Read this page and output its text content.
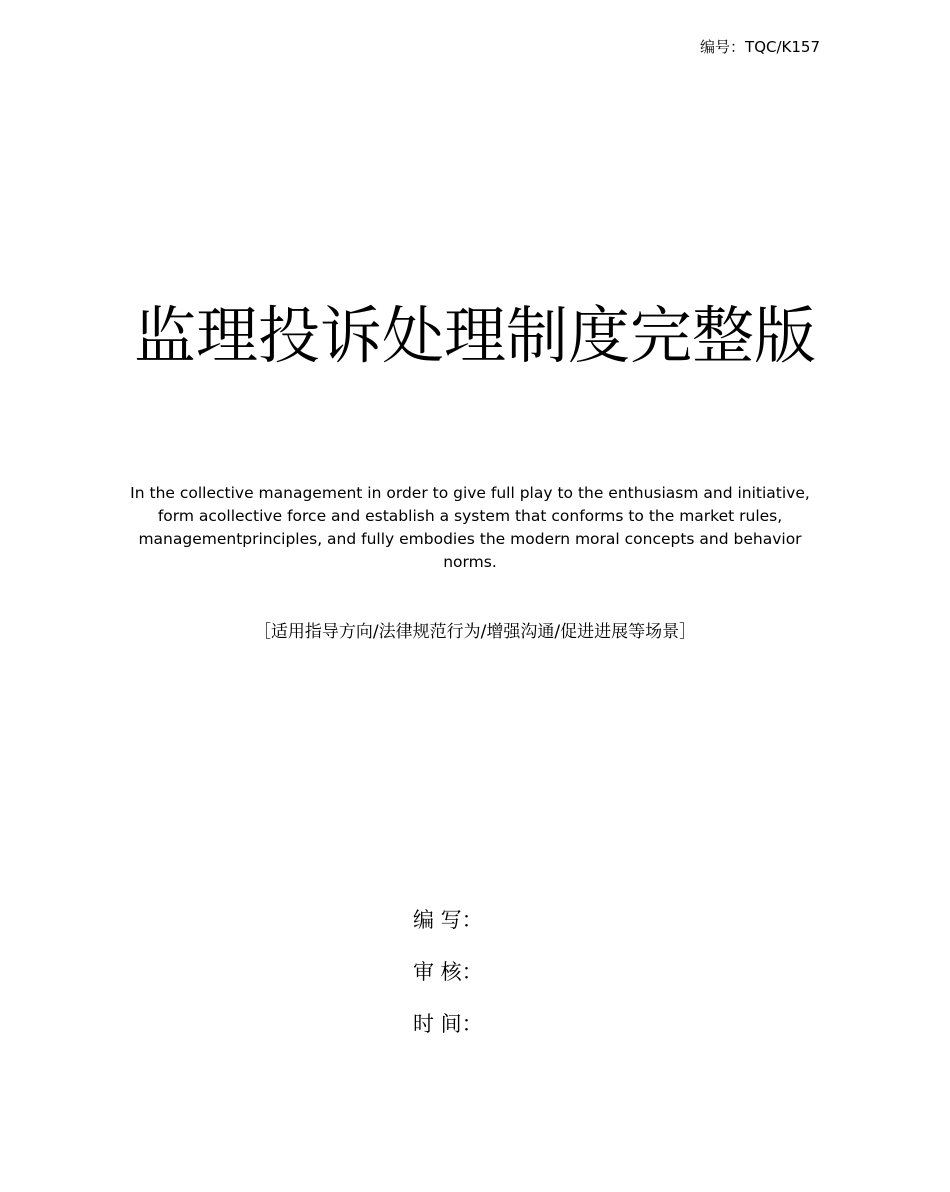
编号：TQC/K157
监理投诉处理制度完整版
In the collective management in order to give full play to the enthusiasm and initiative, form acollective force and establish a system that conforms to the market rules, managementprinciples, and fully embodies the modern moral concepts and behavior norms.
［适用指导方向/法律规范行为/增强沟通/促进进展等场景］
编 写：
审 核：
时 间：
